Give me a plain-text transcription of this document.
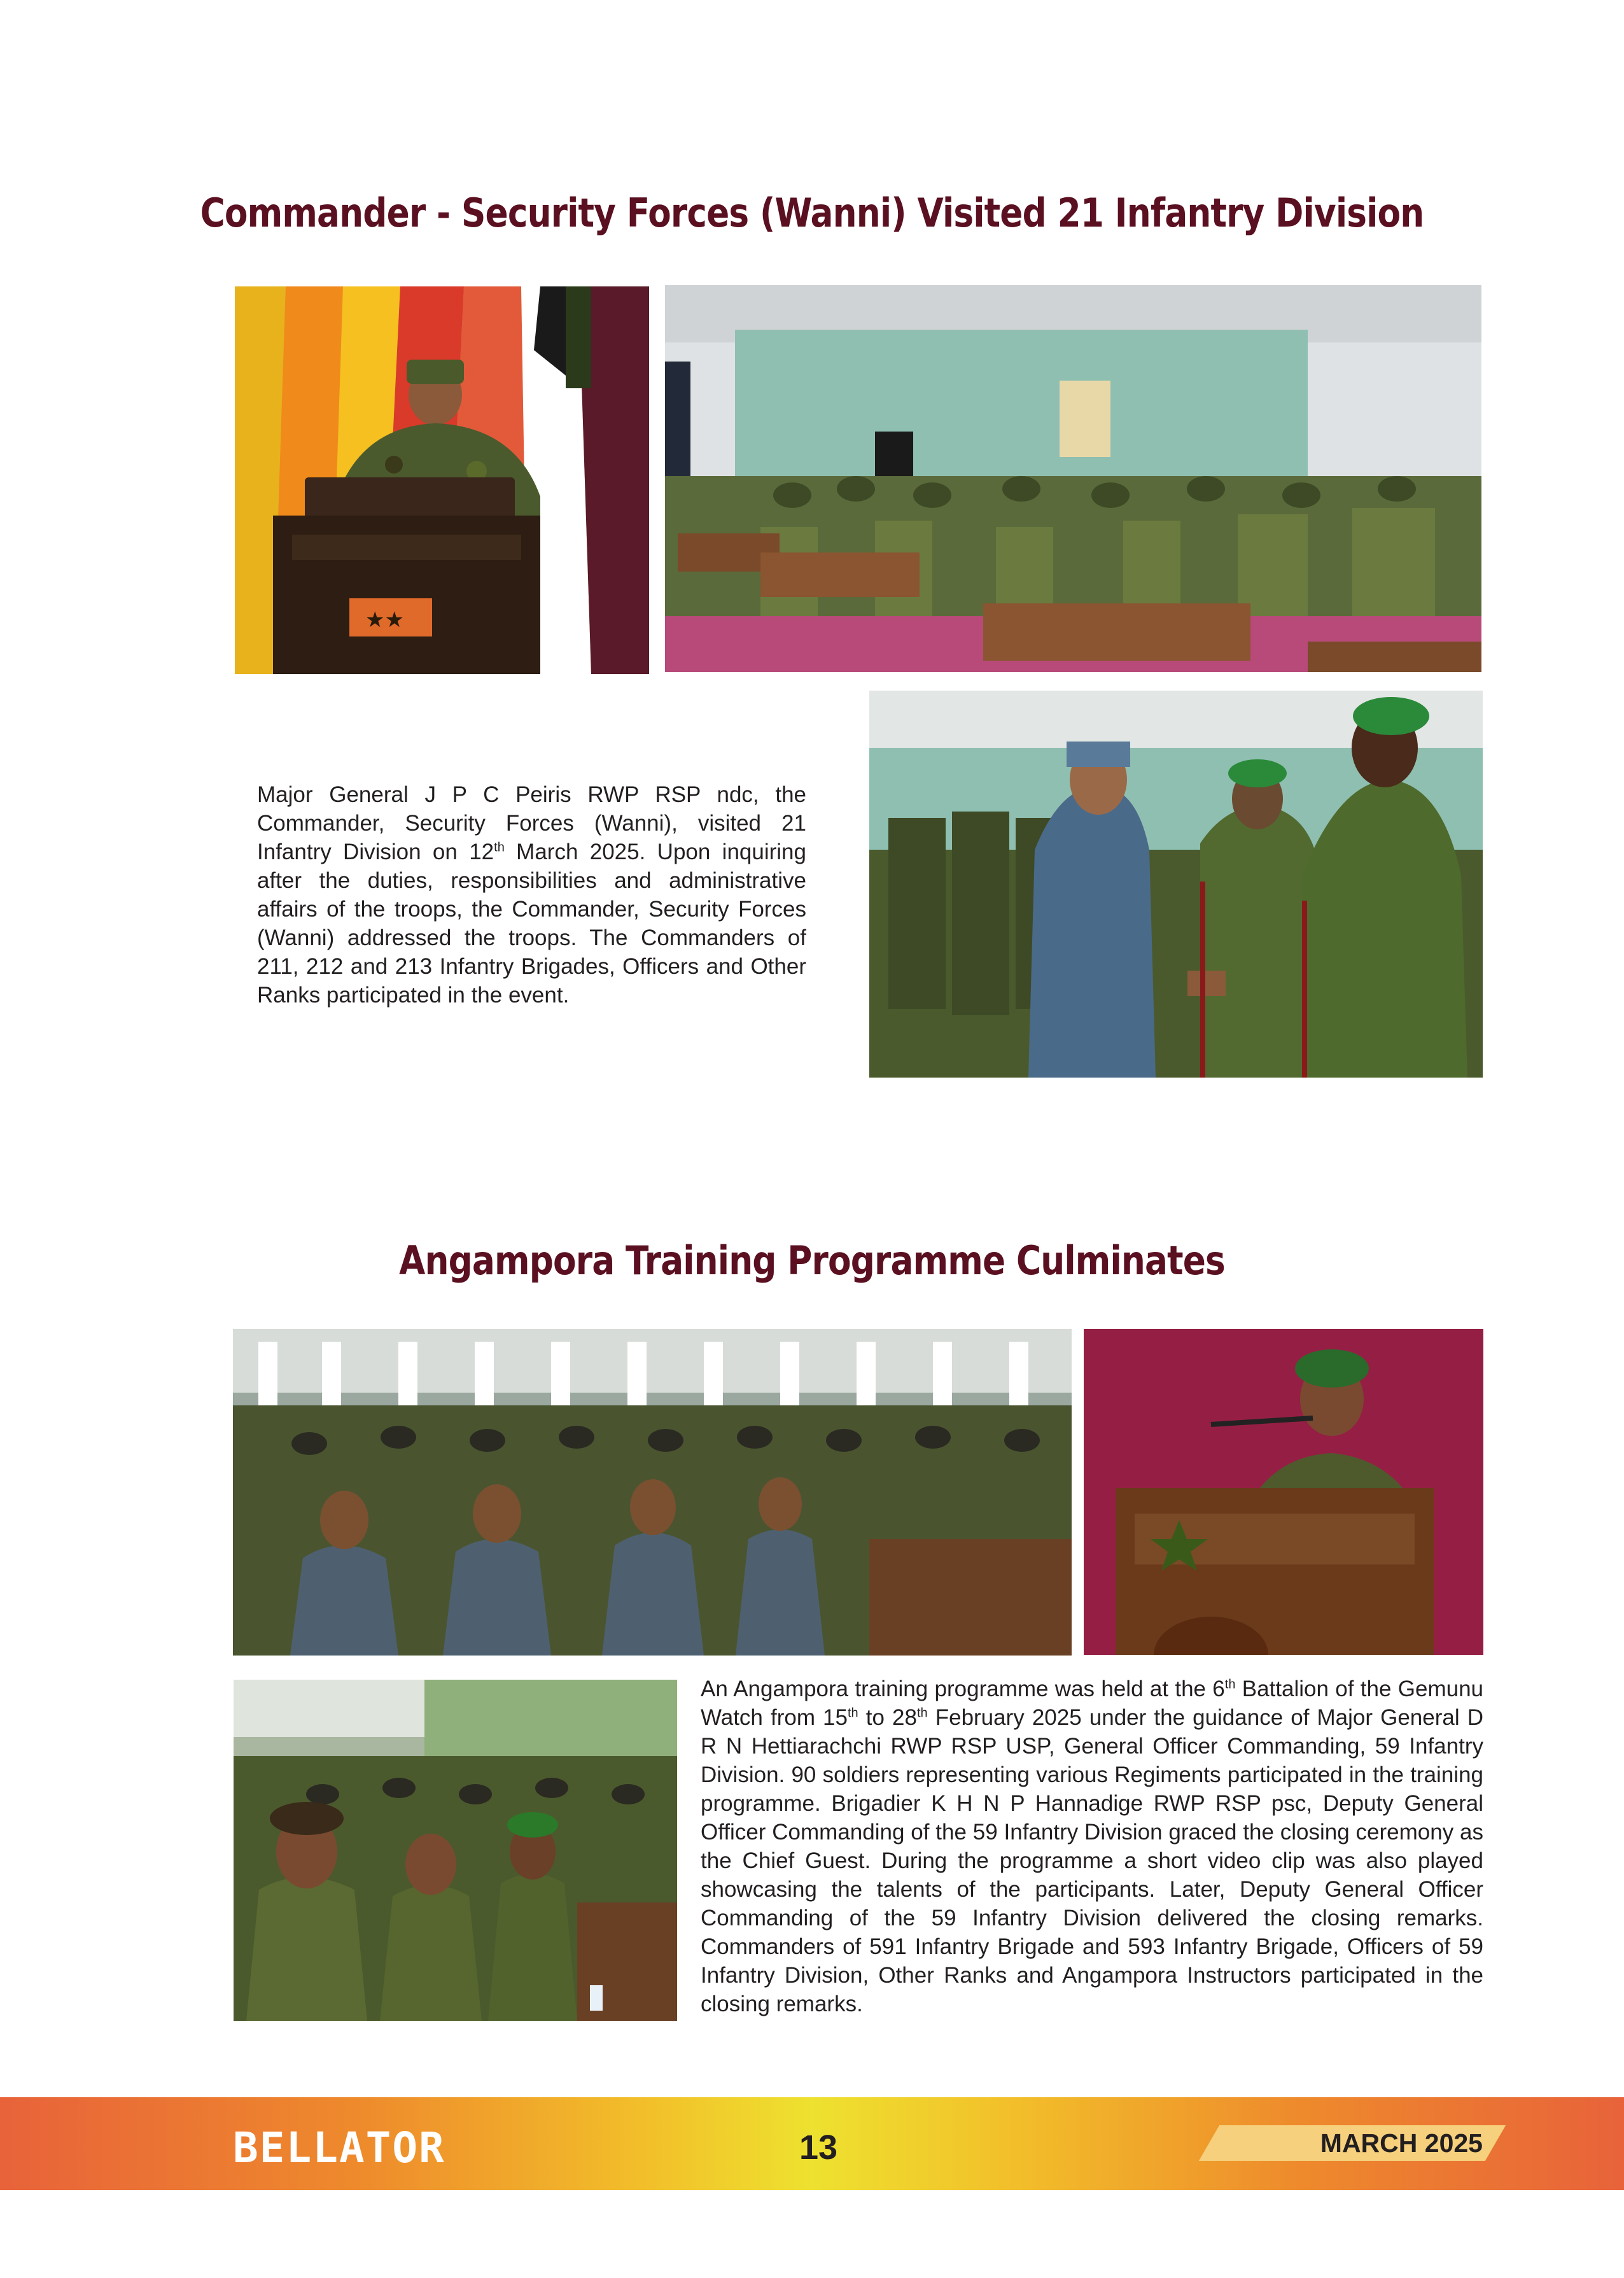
Commander - Security Forces (Wanni) Visited 21 Infantry Division
★★
Major General J P C Peiris RWP RSP ndc, the Commander, Security Forces (Wanni), visited 21 Infantry Division on 12th March 2025. Upon inquiring after the duties, responsibilities and administrative affairs of the troops, the Commander, Security Forces (Wanni) addressed the troops. The Commanders of 211, 212 and 213 Infantry Brigades, Officers and Other Ranks participated in the event.
Angampora Training Programme Culminates
An Angampora training programme was held at the 6th Battalion of the Gemunu Watch from 15th to 28th February 2025 under the guidance of Major General D R N Hettiarachchi RWP RSP USP, General Officer Commanding, 59 Infantry Division. 90 soldiers representing various Regiments participated in the training programme. Brigadier K H N P Hannadige RWP RSP psc, Deputy General Officer Commanding of the 59 Infantry Division graced the closing ceremony as the Chief Guest. During the programme a short video clip was also played showcasing the talents of the participants. Later, Deputy General Officer Commanding of the 59 Infantry Division delivered the closing remarks. Commanders of 591 Infantry Brigade and 593 Infantry Brigade, Officers of 59 Infantry Division, Other Ranks and Angampora Instructors participated in the closing remarks.
BELLATOR	13	MARCH 2025
